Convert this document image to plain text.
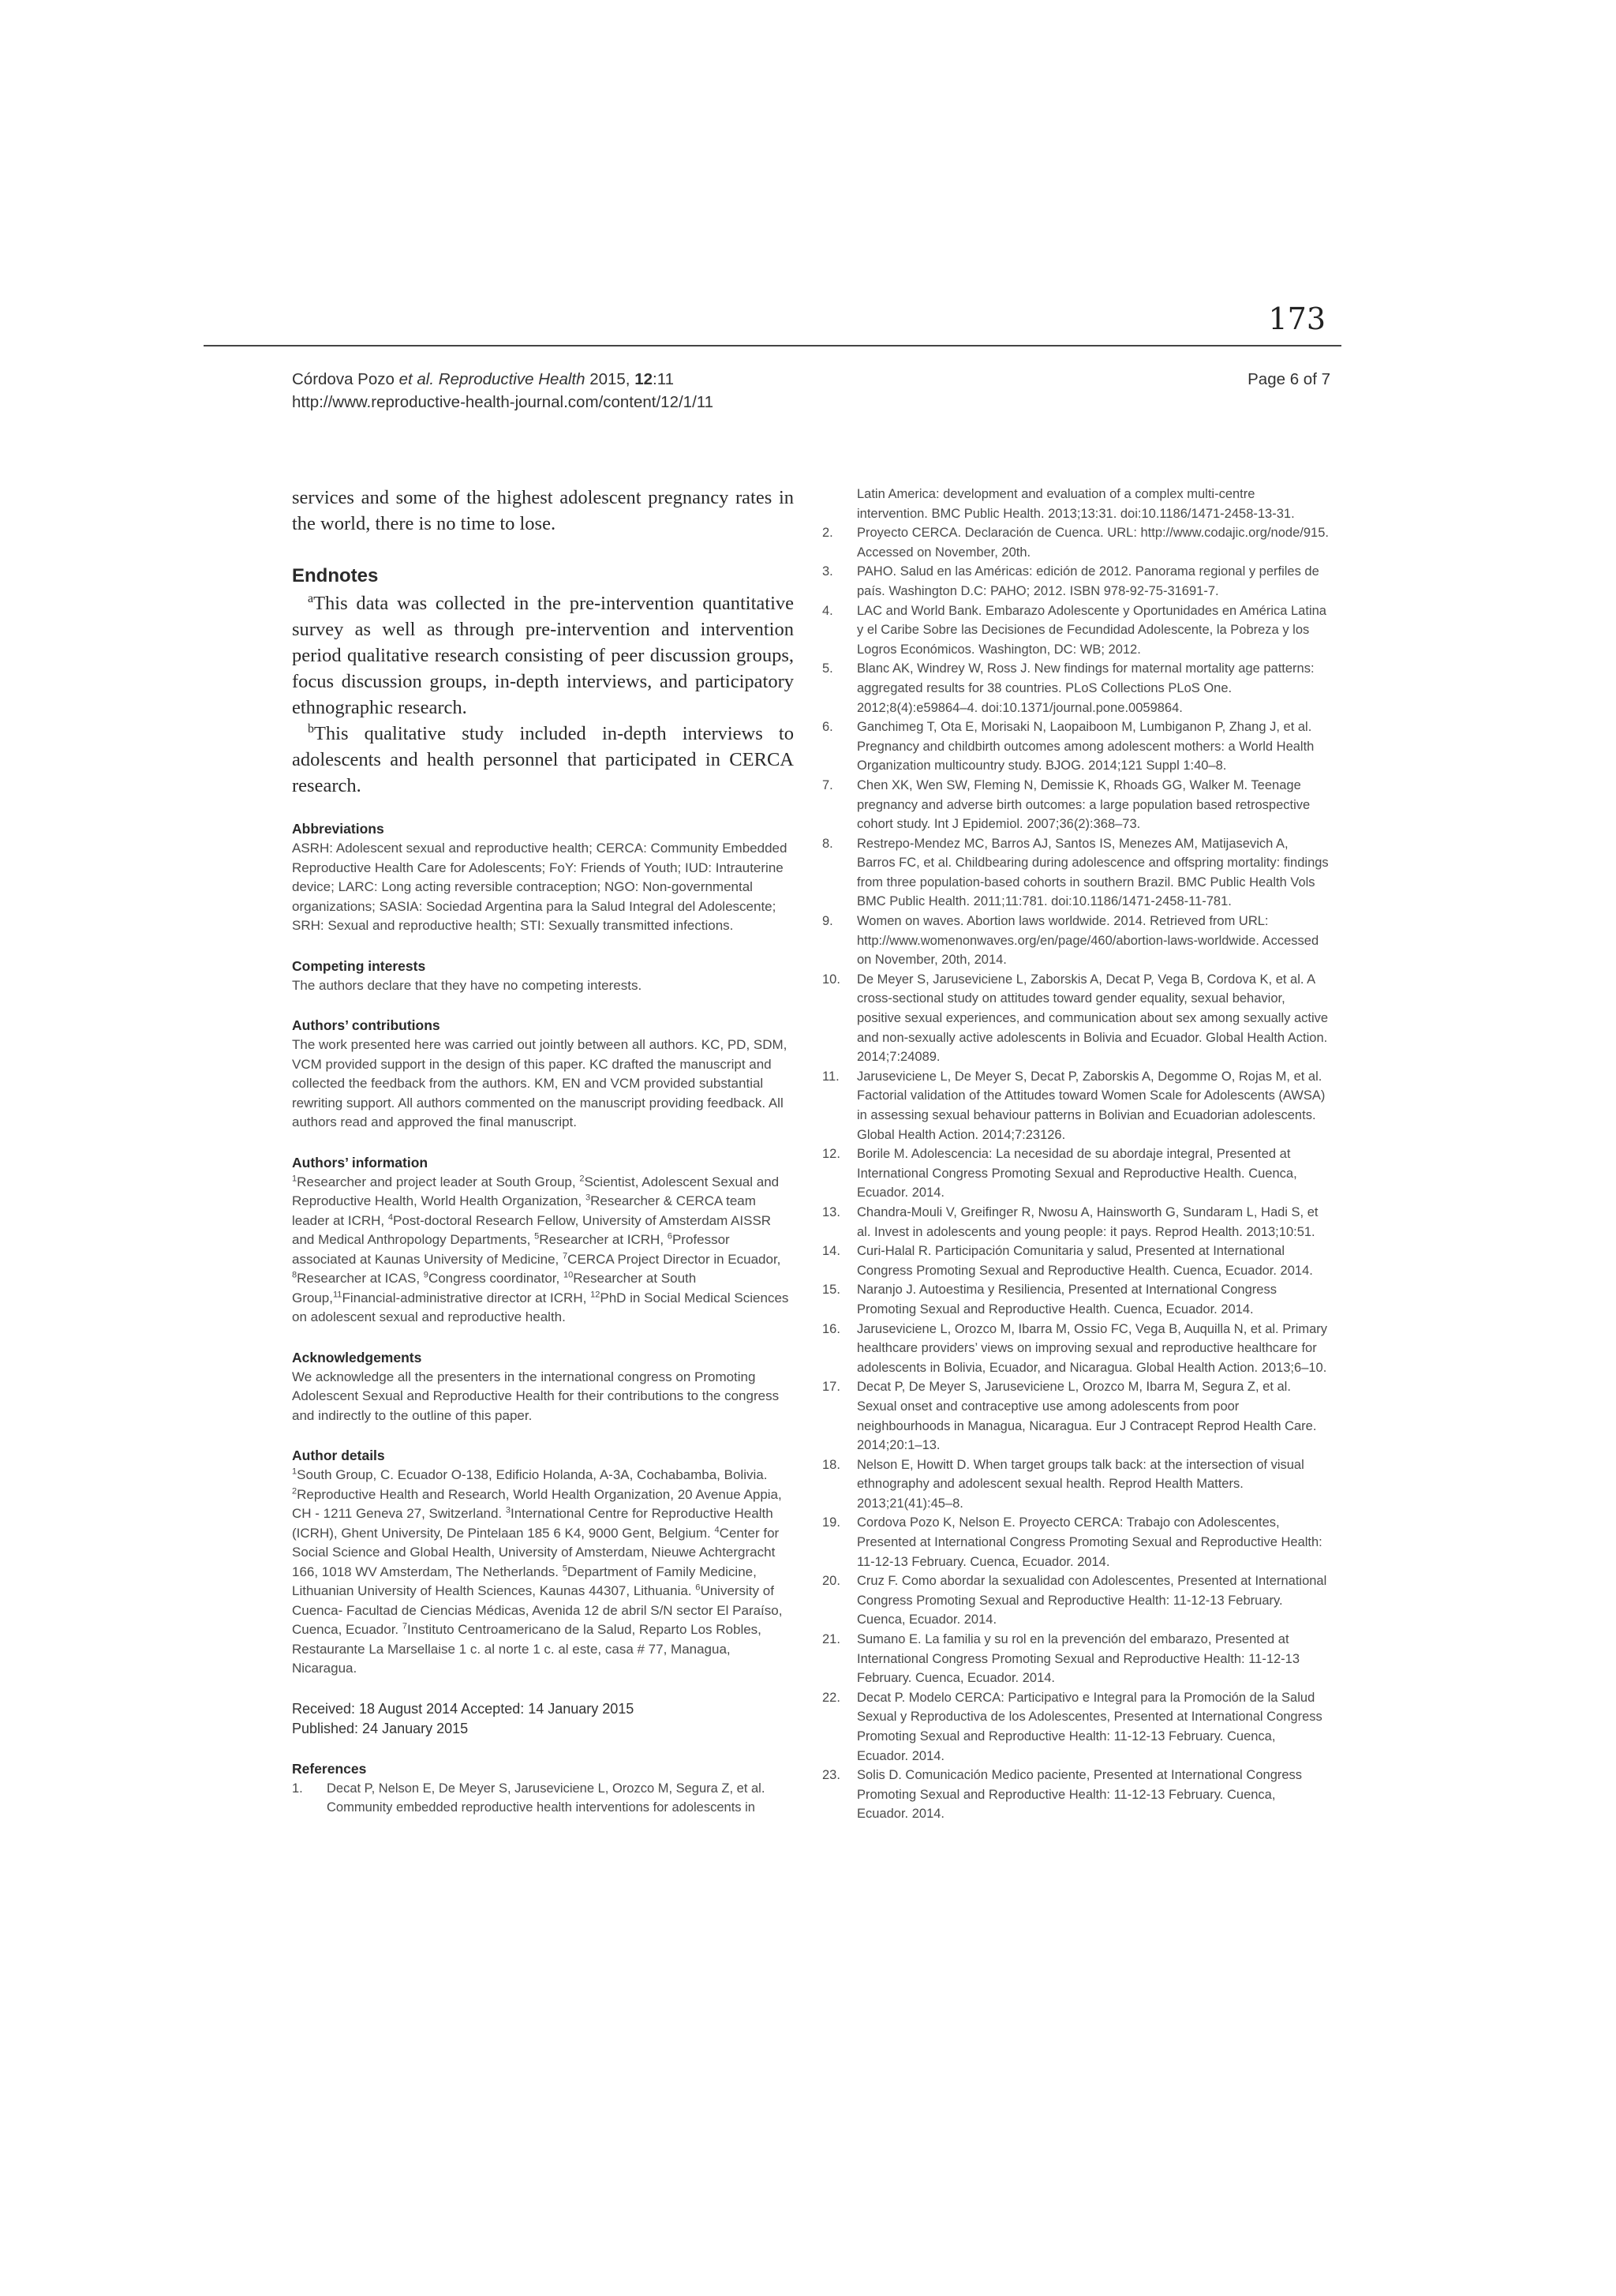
173
Córdova Pozo et al. Reproductive Health 2015, 12:11
http://www.reproductive-health-journal.com/content/12/1/11
Page 6 of 7

services and some of the highest adolescent pregnancy rates in the world, there is no time to lose.

Endnotes

$^a$This data was collected in the pre-intervention quantitative survey as well as through pre-intervention and intervention period qualitative research consisting of peer discussion groups, focus discussion groups, in-depth interviews, and participatory ethnographic research.

$^b$This qualitative study included in-depth interviews to adolescents and health personnel that participated in CERCA research.

Abbreviations

ASRH: Adolescent sexual and reproductive health; CERCA: Community Embedded Reproductive Health Care for Adolescents; FoY: Friends of Youth; IUD: Intrauterine device; LARC: Long acting reversible contraception; NGO: Non-governmental organizations; SASIA: Sociedad Argentina para la Salud Integral del Adolescente; SRH: Sexual and reproductive health; STI: Sexually transmitted infections.

Competing interests

The authors declare that they have no competing interests.

Authors’ contributions

The work presented here was carried out jointly between all authors. KC, PD, SDM, VCM provided support in the design of this paper. KC drafted the manuscript and collected the feedback from the authors. KM, EN and VCM provided substantial rewriting support. All authors commented on the manuscript providing feedback. All authors read and approved the final manuscript.

Authors’ information

$^1$Researcher and project leader at South Group, $^2$Scientist, Adolescent Sexual and Reproductive Health, World Health Organization, $^3$Researcher & CERCA team leader at ICRH, $^4$Post-doctoral Research Fellow, University of Amsterdam AISSR and Medical Anthropology Departments, $^5$Researcher at ICRH, $^6$Professor associated at Kaunas University of Medicine, $^7$CERCA Project Director in Ecuador, $^8$Researcher at ICAS, $^9$Congress coordinator, $^{10}$Researcher at South Group,$^{11}$Financial-administrative director at ICRH, $^{12}$PhD in Social Medical Sciences on adolescent sexual and reproductive health.

Acknowledgements

We acknowledge all the presenters in the international congress on Promoting Adolescent Sexual and Reproductive Health for their contributions to the congress and indirectly to the outline of this paper.

Author details

$^1$South Group, C. Ecuador O-138, Edificio Holanda, A-3A, Cochabamba, Bolivia. $^2$Reproductive Health and Research, World Health Organization, 20 Avenue Appia, CH - 1211 Geneva 27, Switzerland. $^3$International Centre for Reproductive Health (ICRH), Ghent University, De Pintelaan 185 6 K4, 9000 Gent, Belgium. $^4$Center for Social Science and Global Health, University of Amsterdam, Nieuwe Achtergracht 166, 1018 WV Amsterdam, The Netherlands. $^5$Department of Family Medicine, Lithuanian University of Health Sciences, Kaunas 44307, Lithuania. $^6$University of Cuenca- Facultad de Ciencias Médicas, Avenida 12 de abril S/N sector El Paraíso, Cuenca, Ecuador. $^7$Instituto Centroamericano de la Salud, Reparto Los Robles, Restaurante La Marsellaise 1 c. al norte 1 c. al este, casa # 77, Managua, Nicaragua.

Received: 18 August 2014 Accepted: 14 January 2015
Published: 24 January 2015
References
1.	Decat P, Nelson E, De Meyer S, Jaruseviciene L, Orozco M, Segura Z, et al. Community embedded reproductive health interventions for adolescents in
Latin America: development and evaluation of a complex multi-centre intervention. BMC Public Health. 2013;13:31. doi:10.1186/1471-2458-13-31.
2.	Proyecto CERCA. Declaración de Cuenca. URL: http://www.codajic.org/node/915. Accessed on November, 20th.
3.	PAHO. Salud en las Américas: edición de 2012. Panorama regional y perfiles de país. Washington D.C: PAHO; 2012. ISBN 978-92-75-31691-7.
4.	LAC and World Bank. Embarazo Adolescente y Oportunidades en América Latina y el Caribe Sobre las Decisiones de Fecundidad Adolescente, la Pobreza y los Logros Económicos. Washington, DC: WB; 2012.
5.	Blanc AK, Windrey W, Ross J. New findings for maternal mortality age patterns: aggregated results for 38 countries. PLoS Collections PLoS One. 2012;8(4):e59864–4. doi:10.1371/journal.pone.0059864.
6.	Ganchimeg T, Ota E, Morisaki N, Laopaiboon M, Lumbiganon P, Zhang J, et al. Pregnancy and childbirth outcomes among adolescent mothers: a World Health Organization multicountry study. BJOG. 2014;121 Suppl 1:40–8.
7.	Chen XK, Wen SW, Fleming N, Demissie K, Rhoads GG, Walker M. Teenage pregnancy and adverse birth outcomes: a large population based retrospective cohort study. Int J Epidemiol. 2007;36(2):368–73.
8.	Restrepo-Mendez MC, Barros AJ, Santos IS, Menezes AM, Matijasevich A, Barros FC, et al. Childbearing during adolescence and offspring mortality: findings from three population-based cohorts in southern Brazil. BMC Public Health Vols BMC Public Health. 2011;11:781. doi:10.1186/1471-2458-11-781.
9.	Women on waves. Abortion laws worldwide. 2014. Retrieved from URL: http://www.womenonwaves.org/en/page/460/abortion-laws-worldwide. Accessed on November, 20th, 2014.
10.	De Meyer S, Jaruseviciene L, Zaborskis A, Decat P, Vega B, Cordova K, et al. A cross-sectional study on attitudes toward gender equality, sexual behavior, positive sexual experiences, and communication about sex among sexually active and non-sexually active adolescents in Bolivia and Ecuador. Global Health Action. 2014;7:24089.
11.	Jaruseviciene L, De Meyer S, Decat P, Zaborskis A, Degomme O, Rojas M, et al. Factorial validation of the Attitudes toward Women Scale for Adolescents (AWSA) in assessing sexual behaviour patterns in Bolivian and Ecuadorian adolescents. Global Health Action. 2014;7:23126.
12.	Borile M. Adolescencia: La necesidad de su abordaje integral, Presented at International Congress Promoting Sexual and Reproductive Health. Cuenca, Ecuador. 2014.
13.	Chandra-Mouli V, Greifinger R, Nwosu A, Hainsworth G, Sundaram L, Hadi S, et al. Invest in adolescents and young people: it pays. Reprod Health. 2013;10:51.
14.	Curi-Halal R. Participación Comunitaria y salud, Presented at International Congress Promoting Sexual and Reproductive Health. Cuenca, Ecuador. 2014.
15.	Naranjo J. Autoestima y Resiliencia, Presented at International Congress Promoting Sexual and Reproductive Health. Cuenca, Ecuador. 2014.
16.	Jaruseviciene L, Orozco M, Ibarra M, Ossio FC, Vega B, Auquilla N, et al. Primary healthcare providers’ views on improving sexual and reproductive healthcare for adolescents in Bolivia, Ecuador, and Nicaragua. Global Health Action. 2013;6–10.
17.	Decat P, De Meyer S, Jaruseviciene L, Orozco M, Ibarra M, Segura Z, et al. Sexual onset and contraceptive use among adolescents from poor neighbourhoods in Managua, Nicaragua. Eur J Contracept Reprod Health Care. 2014;20:1–13.
18.	Nelson E, Howitt D. When target groups talk back: at the intersection of visual ethnography and adolescent sexual health. Reprod Health Matters. 2013;21(41):45–8.
19.	Cordova Pozo K, Nelson E. Proyecto CERCA: Trabajo con Adolescentes, Presented at International Congress Promoting Sexual and Reproductive Health: 11-12-13 February. Cuenca, Ecuador. 2014.
20.	Cruz F. Como abordar la sexualidad con Adolescentes, Presented at International Congress Promoting Sexual and Reproductive Health: 11-12-13 February. Cuenca, Ecuador. 2014.
21.	Sumano E. La familia y su rol en la prevención del embarazo, Presented at International Congress Promoting Sexual and Reproductive Health: 11-12-13 February. Cuenca, Ecuador. 2014.
22.	Decat P. Modelo CERCA: Participativo e Integral para la Promoción de la Salud Sexual y Reproductiva de los Adolescentes, Presented at International Congress Promoting Sexual and Reproductive Health: 11-12-13 February. Cuenca, Ecuador. 2014.
23.	Solis D. Comunicación Medico paciente, Presented at International Congress Promoting Sexual and Reproductive Health: 11-12-13 February. Cuenca, Ecuador. 2014.
